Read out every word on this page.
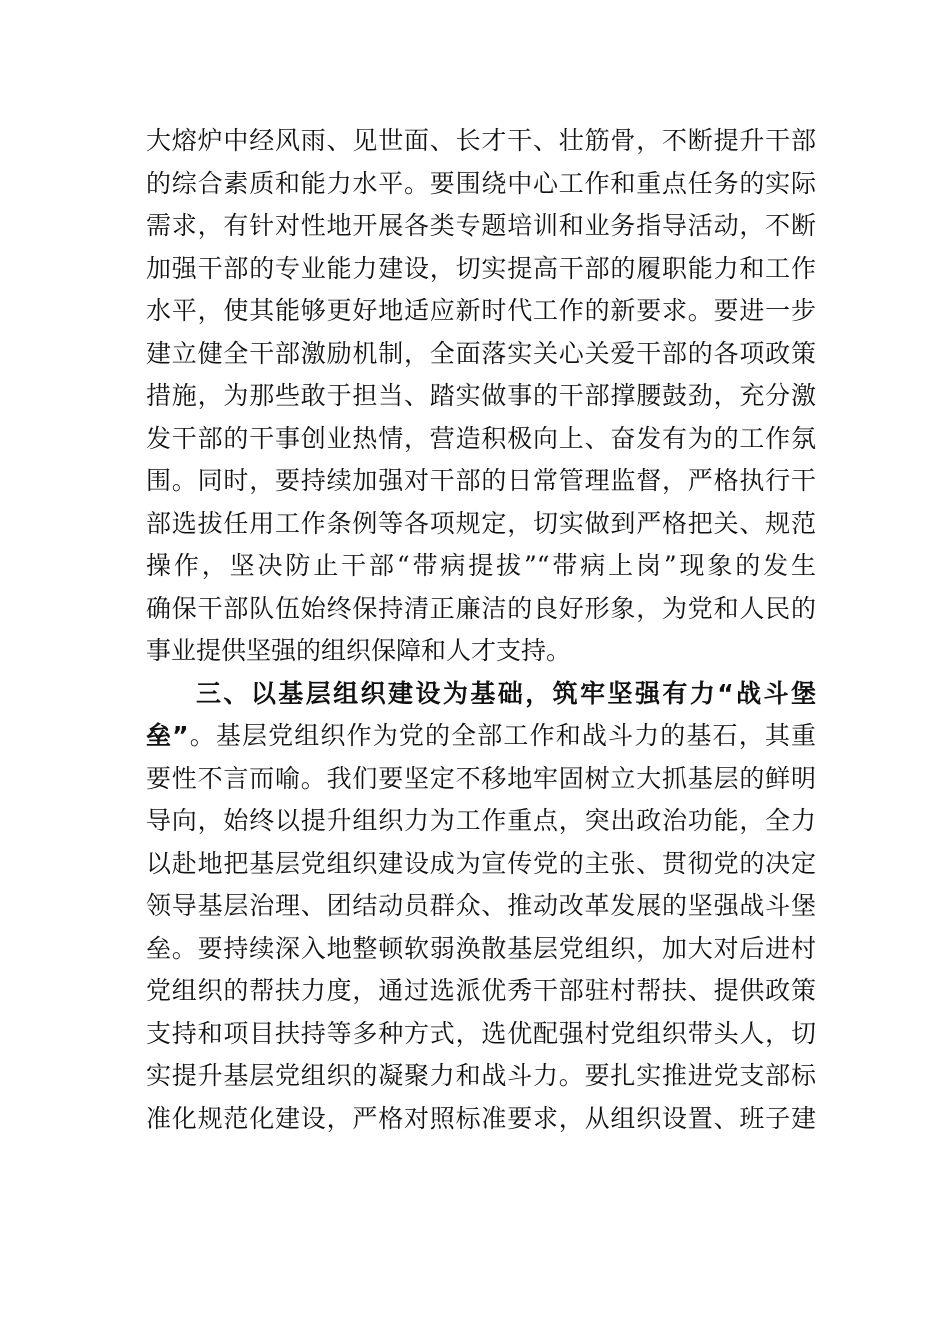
大熔炉中经风雨、见世面、长才干、壮筋骨，不断提升干部
的综合素质和能力水平。要围绕中心工作和重点任务的实际
需求，有针对性地开展各类专题培训和业务指导活动，不断
加强干部的专业能力建设，切实提高干部的履职能力和工作
水平，使其能够更好地适应新时代工作的新要求。要进一步
建立健全干部激励机制，全面落实关心关爱干部的各项政策
措施，为那些敢于担当、踏实做事的干部撑腰鼓劲，充分激
发干部的干事创业热情，营造积极向上、奋发有为的工作氛
围。同时，要持续加强对干部的日常管理监督，严格执行干
部选拔任用工作条例等各项规定，切实做到严格把关、规范
操作，坚决防止干部“带病提拔”“带病上岗”现象的发生
确保干部队伍始终保持清正廉洁的良好形象，为党和人民的
事业提供坚强的组织保障和人才支持。
三、以基层组织建设为基础，筑牢坚强有力“战斗堡
垒”。基层党组织作为党的全部工作和战斗力的基石，其重
要性不言而喻。我们要坚定不移地牢固树立大抓基层的鲜明
导向，始终以提升组织力为工作重点，突出政治功能，全力
以赴地把基层党组织建设成为宣传党的主张、贯彻党的决定
领导基层治理、团结动员群众、推动改革发展的坚强战斗堡
垒。要持续深入地整顿软弱涣散基层党组织，加大对后进村
党组织的帮扶力度，通过选派优秀干部驻村帮扶、提供政策
支持和项目扶持等多种方式，选优配强村党组织带头人，切
实提升基层党组织的凝聚力和战斗力。要扎实推进党支部标
准化规范化建设，严格对照标准要求，从组织设置、班子建
